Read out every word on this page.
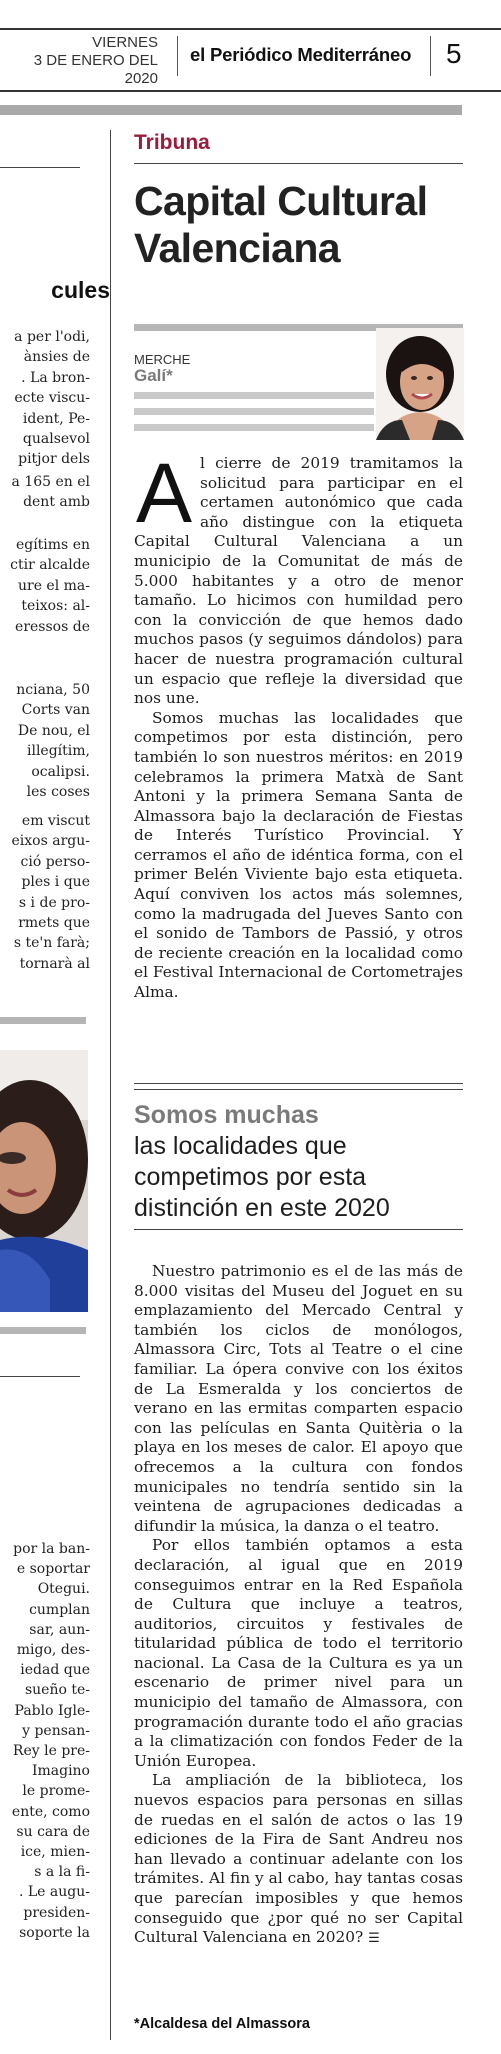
VIERNES
3 DE ENERO DEL 2020
el Periódico Mediterráneo 5
cules
a per l'odi,
ànsies de
. La bron-
ecte viscu-
ident, Pe-
qualsevol
pitjor dels
a 165 en el
dent amb
egítims en
ctir alcalde
ure el ma-
teixos: al-
eressos de
nciana, 50
Corts van
De nou, el
illegítim,
ocalipsi.
les coses
em viscut
eixos argu-
ció perso-
ples i que
s i de pro-
rmets que
s te'n farà;
tornarà al
por la ban-
e soportar
Otegui.
cumplan
sar, aun-
migo, des-
iedad que
sueño te-
Pablo Igle-
y pensan-
Rey le pre-
Imagino
le prome-
ente, como
su cara de
ice, mien-
s a la fi-
. Le augu-
presiden-
soporte la
Tribuna
Capital Cultural Valenciana
MERCHE
Galí*

Al cierre de 2019 tramitamos la solicitud para participar en el certamen autonómico que cada año distingue con la etiqueta Capital Cultural Valenciana a un municipio de la Comunitat de más de 5.000 habitantes y a otro de menor tamaño. Lo hicimos con humildad pero con la convicción de que hemos dado muchos pasos (y seguimos dándolos) para hacer de nuestra programación cultural un espacio que refleje la diversidad que nos une.

Somos muchas las localidades que competimos por esta distinción, pero también lo son nuestros méritos: en 2019 celebramos la primera Matxà de Sant Antoni y la primera Semana Santa de Almassora bajo la declaración de Fiestas de Interés Turístico Provincial. Y cerramos el año de idéntica forma, con el primer Belén Viviente bajo esta etiqueta. Aquí conviven los actos más solemnes, como la madrugada del Jueves Santo con el sonido de Tambors de Passió, y otros de reciente creación en la localidad como el Festival Internacional de Cortometrajes Alma.

Somos muchas
las localidades que competimos por esta distinción en este 2020

Nuestro patrimonio es el de las más de 8.000 visitas del Museu del Joguet en su emplazamiento del Mercado Central y también los ciclos de monólogos, Almassora Circ, Tots al Teatre o el cine familiar. La ópera convive con los éxitos de La Esmeralda y los conciertos de verano en las ermitas comparten espacio con las películas en Santa Quitèria o la playa en los meses de calor. El apoyo que ofrecemos a la cultura con fondos municipales no tendría sentido sin la veintena de agrupaciones dedicadas a difundir la música, la danza o el teatro.

Por ellos también optamos a esta declaración, al igual que en 2019 conseguimos entrar en la Red Española de Cultura que incluye a teatros, auditorios, circuitos y festivales de titularidad pública de todo el territorio nacional. La Casa de la Cultura es ya un escenario de primer nivel para un municipio del tamaño de Almassora, con programación durante todo el año gracias a la climatización con fondos Feder de la Unión Europea.

La ampliación de la biblioteca, los nuevos espacios para personas en sillas de ruedas en el salón de actos o las 19 ediciones de la Fira de Sant Andreu nos han llevado a continuar adelante con los trámites. Al fin y al cabo, hay tantas cosas que parecían imposibles y que hemos conseguido que ¿por qué no ser Capital Cultural Valenciana en 2020? ☰

*Alcaldesa del Almassora
